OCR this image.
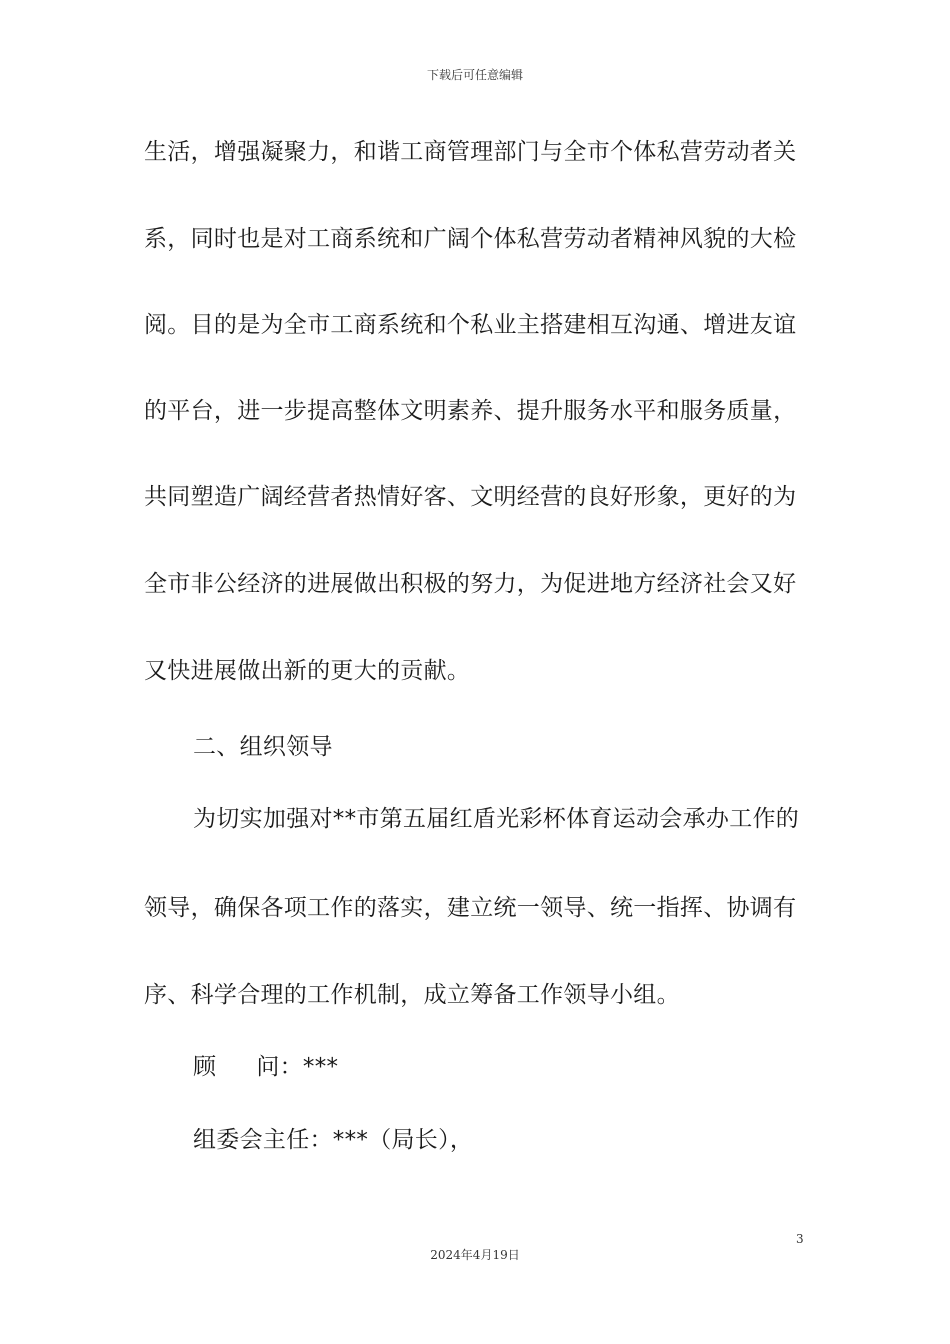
下载后可任意编辑
生活，增强凝聚力，和谐工商管理部门与全市个体私营劳动者关
系，同时也是对工商系统和广阔个体私营劳动者精神风貌的大检
阅。目的是为全市工商系统和个私业主搭建相互沟通、增进友谊
的平台，进一步提高整体文明素养、提升服务水平和服务质量，
共同塑造广阔经营者热情好客、文明经营的良好形象，更好的为
全市非公经济的进展做出积极的努力，为促进地方经济社会又好
又快进展做出新的更大的贡献。
二、组织领导
为切实加强对**市第五届红盾光彩杯体育运动会承办工作的
领导，确保各项工作的落实，建立统一领导、统一指挥、协调有
序、科学合理的工作机制，成立筹备工作领导小组。
顾 问：***
组委会主任：***（局长），
3
2024年4月19日
